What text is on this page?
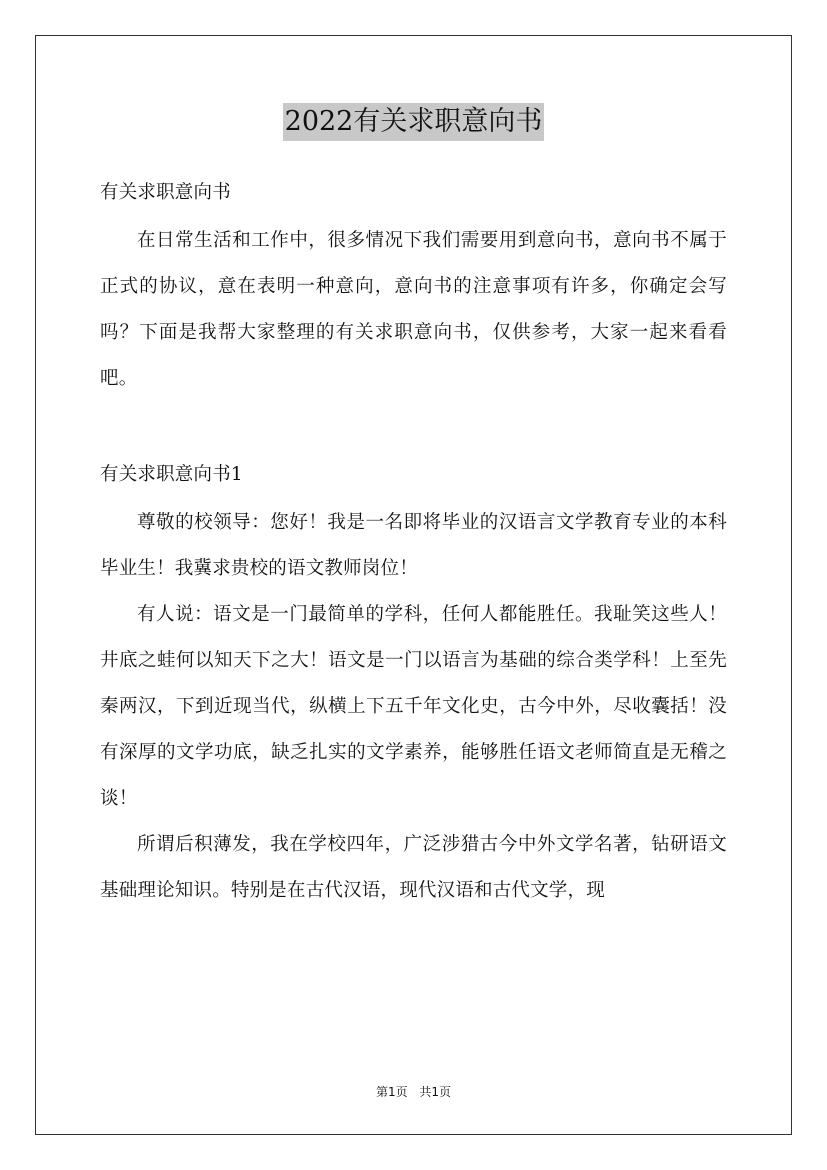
2022有关求职意向书

有关求职意向书

在日常生活和工作中，很多情况下我们需要用到意向书，意向书不属于正式的协议，意在表明一种意向，意向书的注意事项有许多，你确定会写吗？下面是我帮大家整理的有关求职意向书，仅供参考，大家一起来看看吧。

有关求职意向书1

尊敬的校领导：您好！我是一名即将毕业的汉语言文学教育专业的本科毕业生！我冀求贵校的语文教师岗位！

有人说：语文是一门最简单的学科，任何人都能胜任。我耻笑这些人！井底之蛙何以知天下之大！语文是一门以语言为基础的综合类学科！上至先秦两汉，下到近现当代，纵横上下五千年文化史，古今中外，尽收囊括！没有深厚的文学功底，缺乏扎实的文学素养，能够胜任语文老师简直是无稽之谈！

所谓后积薄发，我在学校四年，广泛涉猎古今中外文学名著，钻研语文基础理论知识。特别是在古代汉语，现代汉语和古代文学，现

第1页 共1页
